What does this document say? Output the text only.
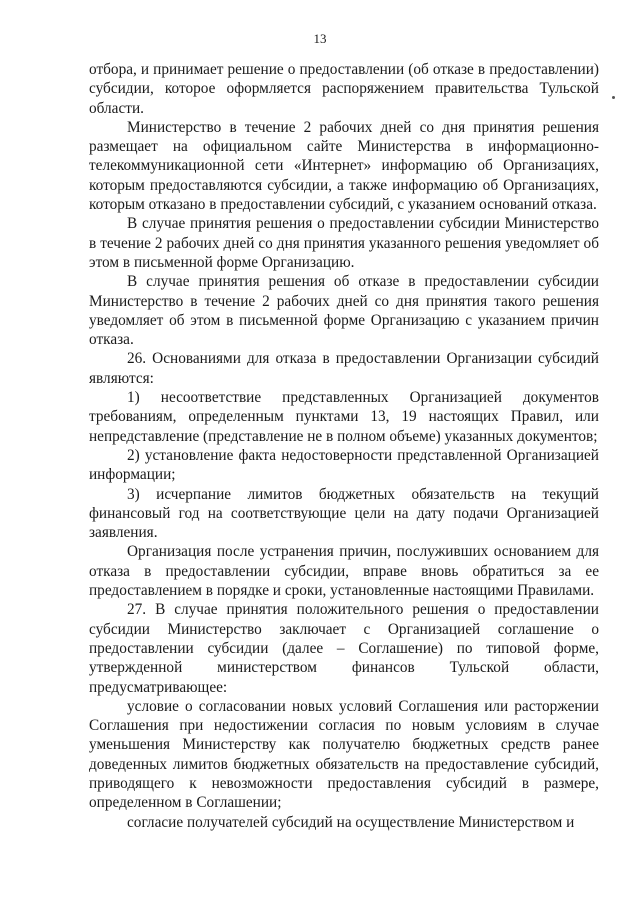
13

отбора, и принимает решение о предоставлении (об отказе в предоставлении) субсидии, которое оформляется распоряжением правительства Тульской области.

Министерство в течение 2 рабочих дней со дня принятия решения размещает на официальном сайте Министерства в информационно-телекоммуникационной сети «Интернет» информацию об Организациях, которым предоставляются субсидии, а также информацию об Организациях, которым отказано в предоставлении субсидий, с указанием оснований отказа.

В случае принятия решения о предоставлении субсидии Министерство в течение 2 рабочих дней со дня принятия указанного решения уведомляет об этом в письменной форме Организацию.

В случае принятия решения об отказе в предоставлении субсидии Министерство в течение 2 рабочих дней со дня принятия такого решения уведомляет об этом в письменной форме Организацию с указанием причин отказа.

26. Основаниями для отказа в предоставлении Организации субсидий являются:

1) несоответствие представленных Организацией документов требованиям, определенным пунктами 13, 19 настоящих Правил, или непредставление (представление не в полном объеме) указанных документов;

2) установление факта недостоверности представленной Организацией информации;

3) исчерпание лимитов бюджетных обязательств на текущий финансовый год на соответствующие цели на дату подачи Организацией заявления.

Организация после устранения причин, послуживших основанием для отказа в предоставлении субсидии, вправе вновь обратиться за ее предоставлением в порядке и сроки, установленные настоящими Правилами.

27. В случае принятия положительного решения о предоставлении субсидии Министерство заключает с Организацией соглашение о предоставлении субсидии (далее – Соглашение) по типовой форме, утвержденной министерством финансов Тульской области, предусматривающее:

условие о согласовании новых условий Соглашения или расторжении Соглашения при недостижении согласия по новым условиям в случае уменьшения Министерству как получателю бюджетных средств ранее доведенных лимитов бюджетных обязательств на предоставление субсидий, приводящего к невозможности предоставления субсидий в размере, определенном в Соглашении;

согласие получателей субсидий на осуществление Министерством и
